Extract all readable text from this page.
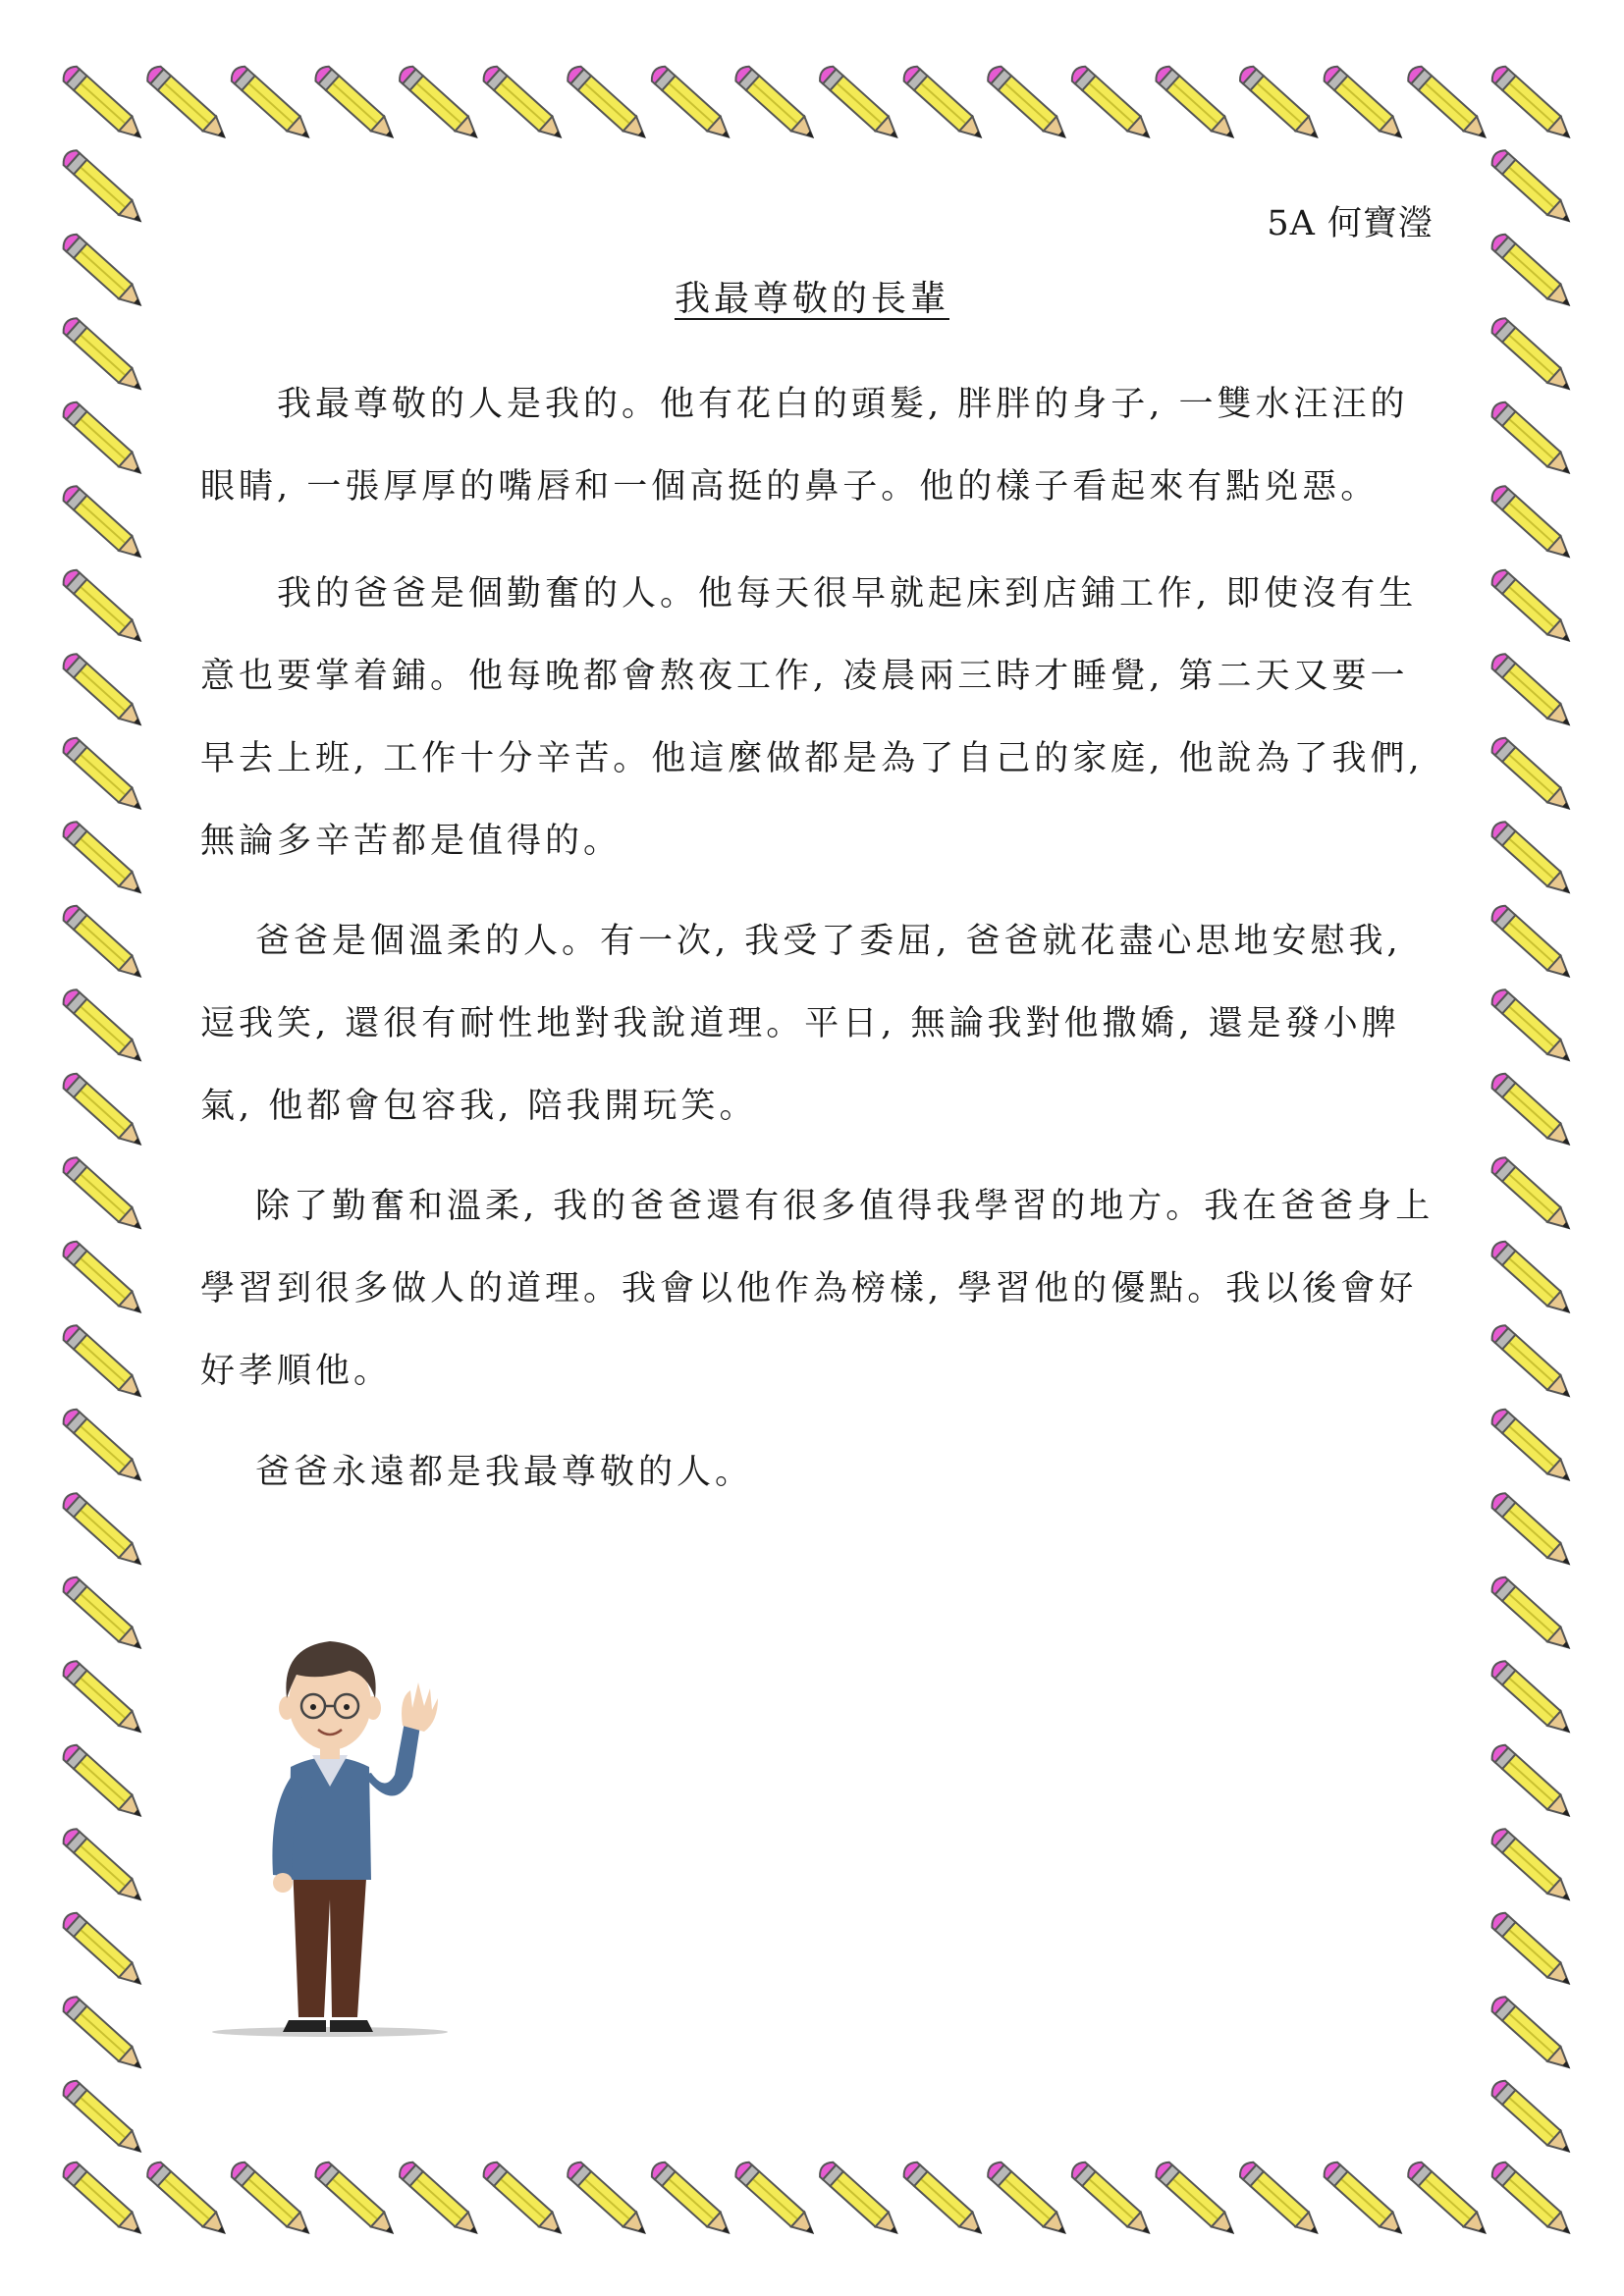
5A 何寶瀅
我最尊敬的長輩

我最尊敬的人是我的。他有花白的頭髮, 胖胖的身子, 一雙水汪汪的眼睛, 一張厚厚的嘴唇和一個高挺的鼻子。他的樣子看起來有點兇惡。

我的爸爸是個勤奮的人。他每天很早就起床到店鋪工作, 即使沒有生意也要掌着鋪。他每晚都會熬夜工作, 凌晨兩三時才睡覺, 第二天又要一早去上班, 工作十分辛苦。他這麼做都是為了自己的家庭, 他說為了我們, 無論多辛苦都是值得的。

爸爸是個溫柔的人。有一次, 我受了委屈, 爸爸就花盡心思地安慰我, 逗我笑, 還很有耐性地對我說道理。平日, 無論我對他撒嬌, 還是發小脾氣, 他都會包容我, 陪我開玩笑。

除了勤奮和溫柔, 我的爸爸還有很多值得我學習的地方。我在爸爸身上學習到很多做人的道理。我會以他作為榜樣, 學習他的優點。我以後會好好孝順他。

爸爸永遠都是我最尊敬的人。
